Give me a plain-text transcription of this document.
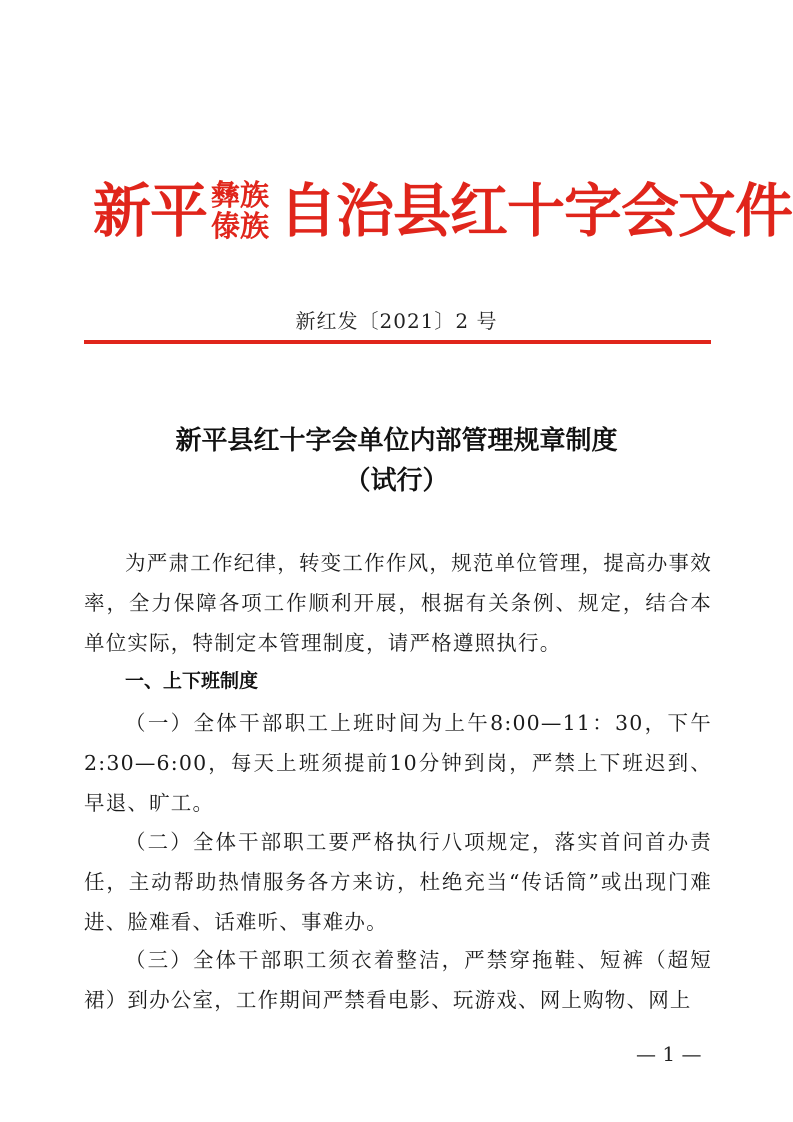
新平 彝族
傣族 自治县红十字会文件
新红发〔2021〕2 号
新平县红十字会单位内部管理规章制度
（试行）
为严肃工作纪律，转变工作作风，规范单位管理，提高办事效率，全力保障各项工作顺利开展，根据有关条例、规定，结合本单位实际，特制定本管理制度，请严格遵照执行。
一、上下班制度
（一）全体干部职工上班时间为上午8:00—11：30，下午2:30—6:00，每天上班须提前10分钟到岗，严禁上下班迟到、早退、旷工。
（二）全体干部职工要严格执行八项规定，落实首问首办责任，主动帮助热情服务各方来访，杜绝充当“传话筒”或出现门难进、脸难看、话难听、事难办。
（三）全体干部职工须衣着整洁，严禁穿拖鞋、短裤（超短裙）到办公室，工作期间严禁看电影、玩游戏、网上购物、网上
— 1 —
